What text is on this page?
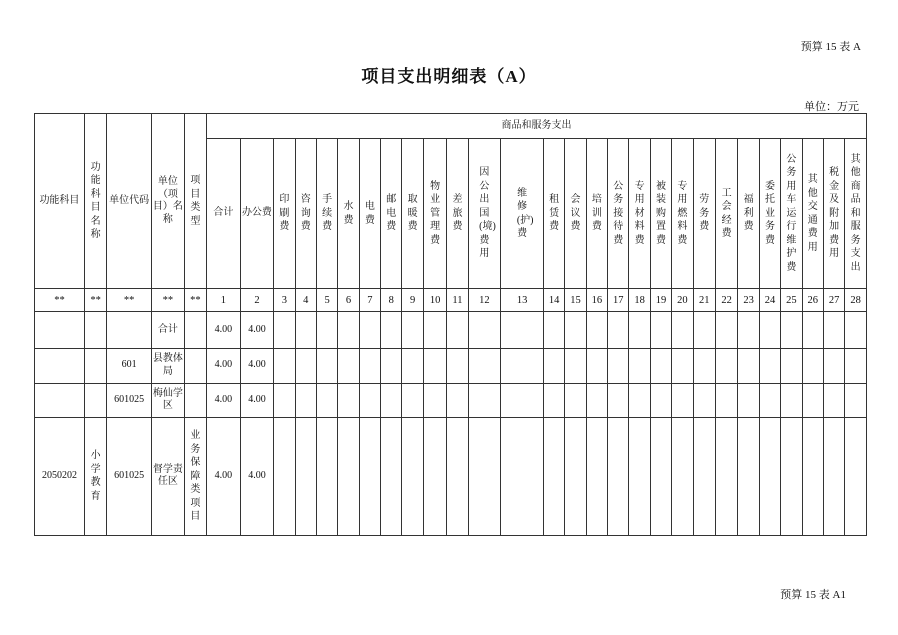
预算 15 表 A
项目支出明细表（A）
单位：万元
功能科目	功能科目名称	单位代码	单位（项目）名称	项目类型	商品和服务支出																											
					合计	办公费	印刷费	咨询费	手续费	水费	电费	邮电费	取暖费	物业管理费	差旅费	因公出国(境)费用	维修(护)费	租赁费	会议费	培训费	公务接待费	专用材料费	被装购置费	专用燃料费	劳务费	工会经费	福利费	委托业务费	公务用车运行维护费	其他交通费用	税金及附加费用	其他商品和服务支出
**	**	**	**	**	1	2	3	4	5	6	7	8	9	10	11	12	13	14	15	16	17	18	19	20	21	22	23	24	25	26	27	28
			合计		4.00	4.00																										
		601	县教体局		4.00	4.00																										
		601025	梅仙学区		4.00	4.00																										
2050202	小学教育	601025	督学责任区	业务保障类项目	4.00	4.00																										
预算 15 表 A1
